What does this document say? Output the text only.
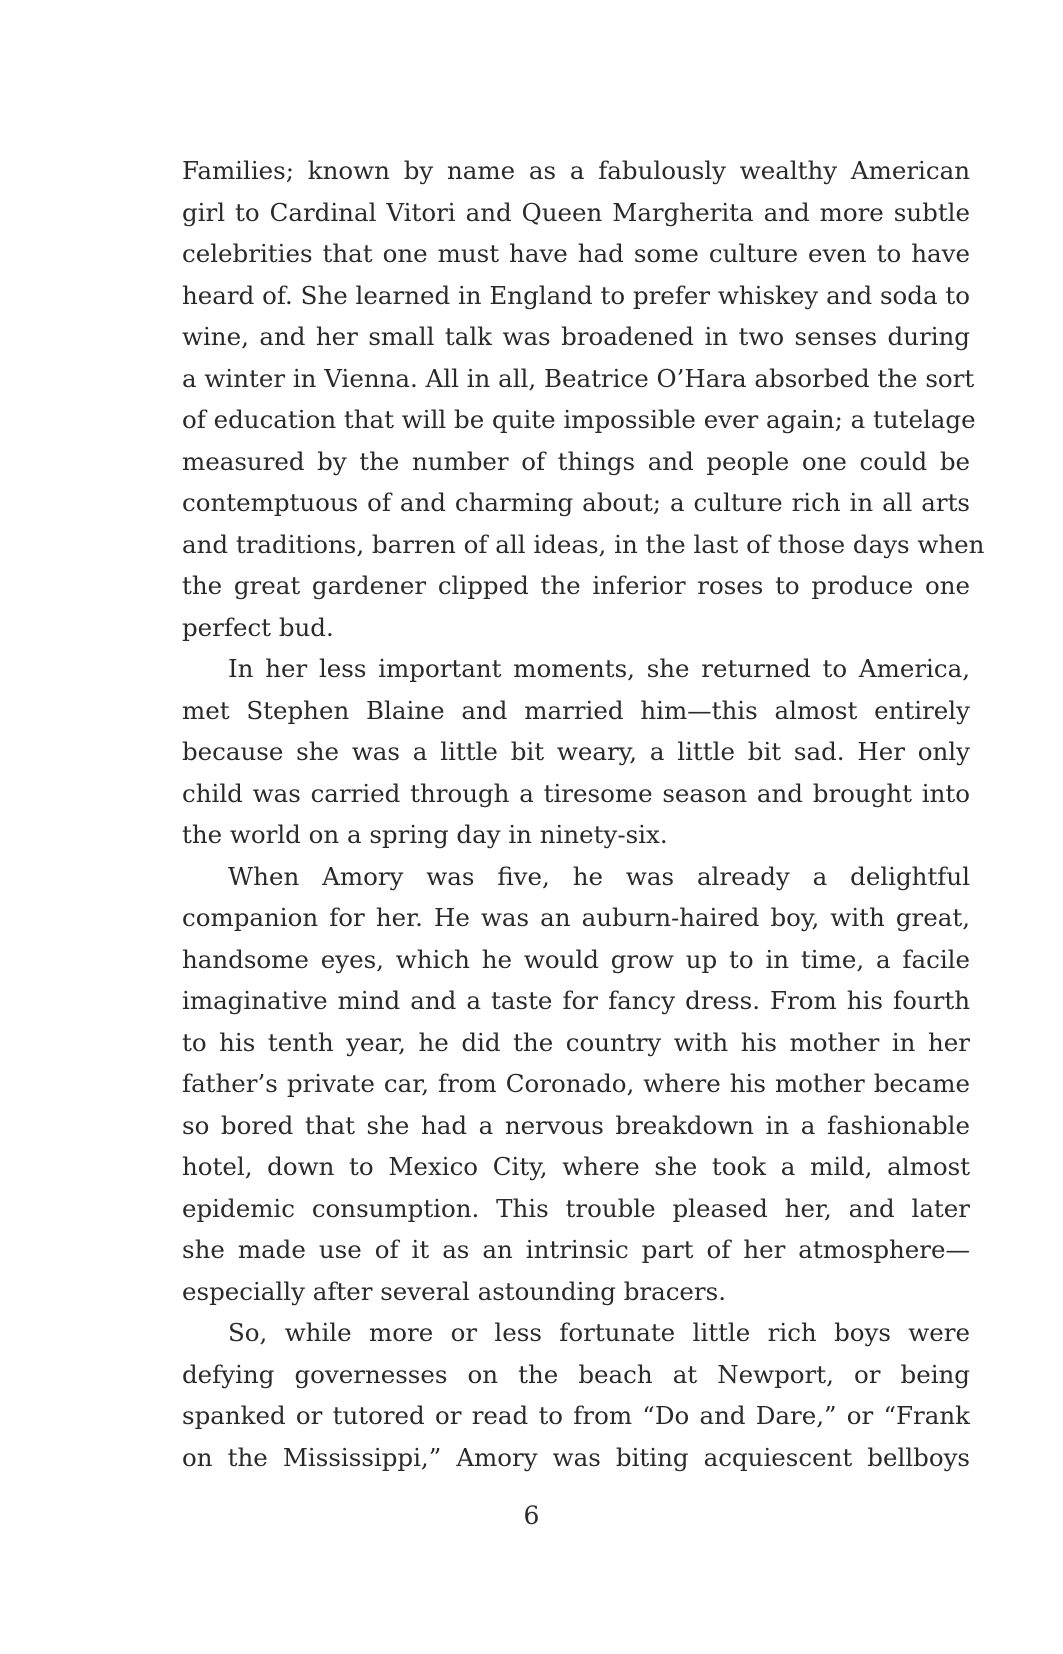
Families; known by name as a fabulously wealthy American
girl to Cardinal Vitori and Queen Margherita and more subtle
celebrities that one must have had some culture even to have
heard of. She learned in England to prefer whiskey and soda to
wine, and her small talk was broadened in two senses during
a winter in Vienna. All in all, Beatrice O’Hara absorbed the sort
of education that will be quite impossible ever again; a tutelage
measured by the number of things and people one could be
contemptuous of and charming about; a culture rich in all arts
and traditions, barren of all ideas, in the last of those days when
the great gardener clipped the inferior roses to produce one
perfect bud.
In her less important moments, she returned to America,
met Stephen Blaine and married him—this almost entirely
because she was a little bit weary, a little bit sad. Her only
child was carried through a tiresome season and brought into
the world on a spring day in ninety-six.
When Amory was five, he was already a delightful
companion for her. He was an auburn-haired boy, with great,
handsome eyes, which he would grow up to in time, a facile
imaginative mind and a taste for fancy dress. From his fourth
to his tenth year, he did the country with his mother in her
father’s private car, from Coronado, where his mother became
so bored that she had a nervous breakdown in a fashionable
hotel, down to Mexico City, where she took a mild, almost
epidemic consumption. This trouble pleased her, and later
she made use of it as an intrinsic part of her atmosphere—
especially after several astounding bracers.
So, while more or less fortunate little rich boys were
defying governesses on the beach at Newport, or being
spanked or tutored or read to from “Do and Dare,” or “Frank
on the Mississippi,” Amory was biting acquiescent bellboys
6
